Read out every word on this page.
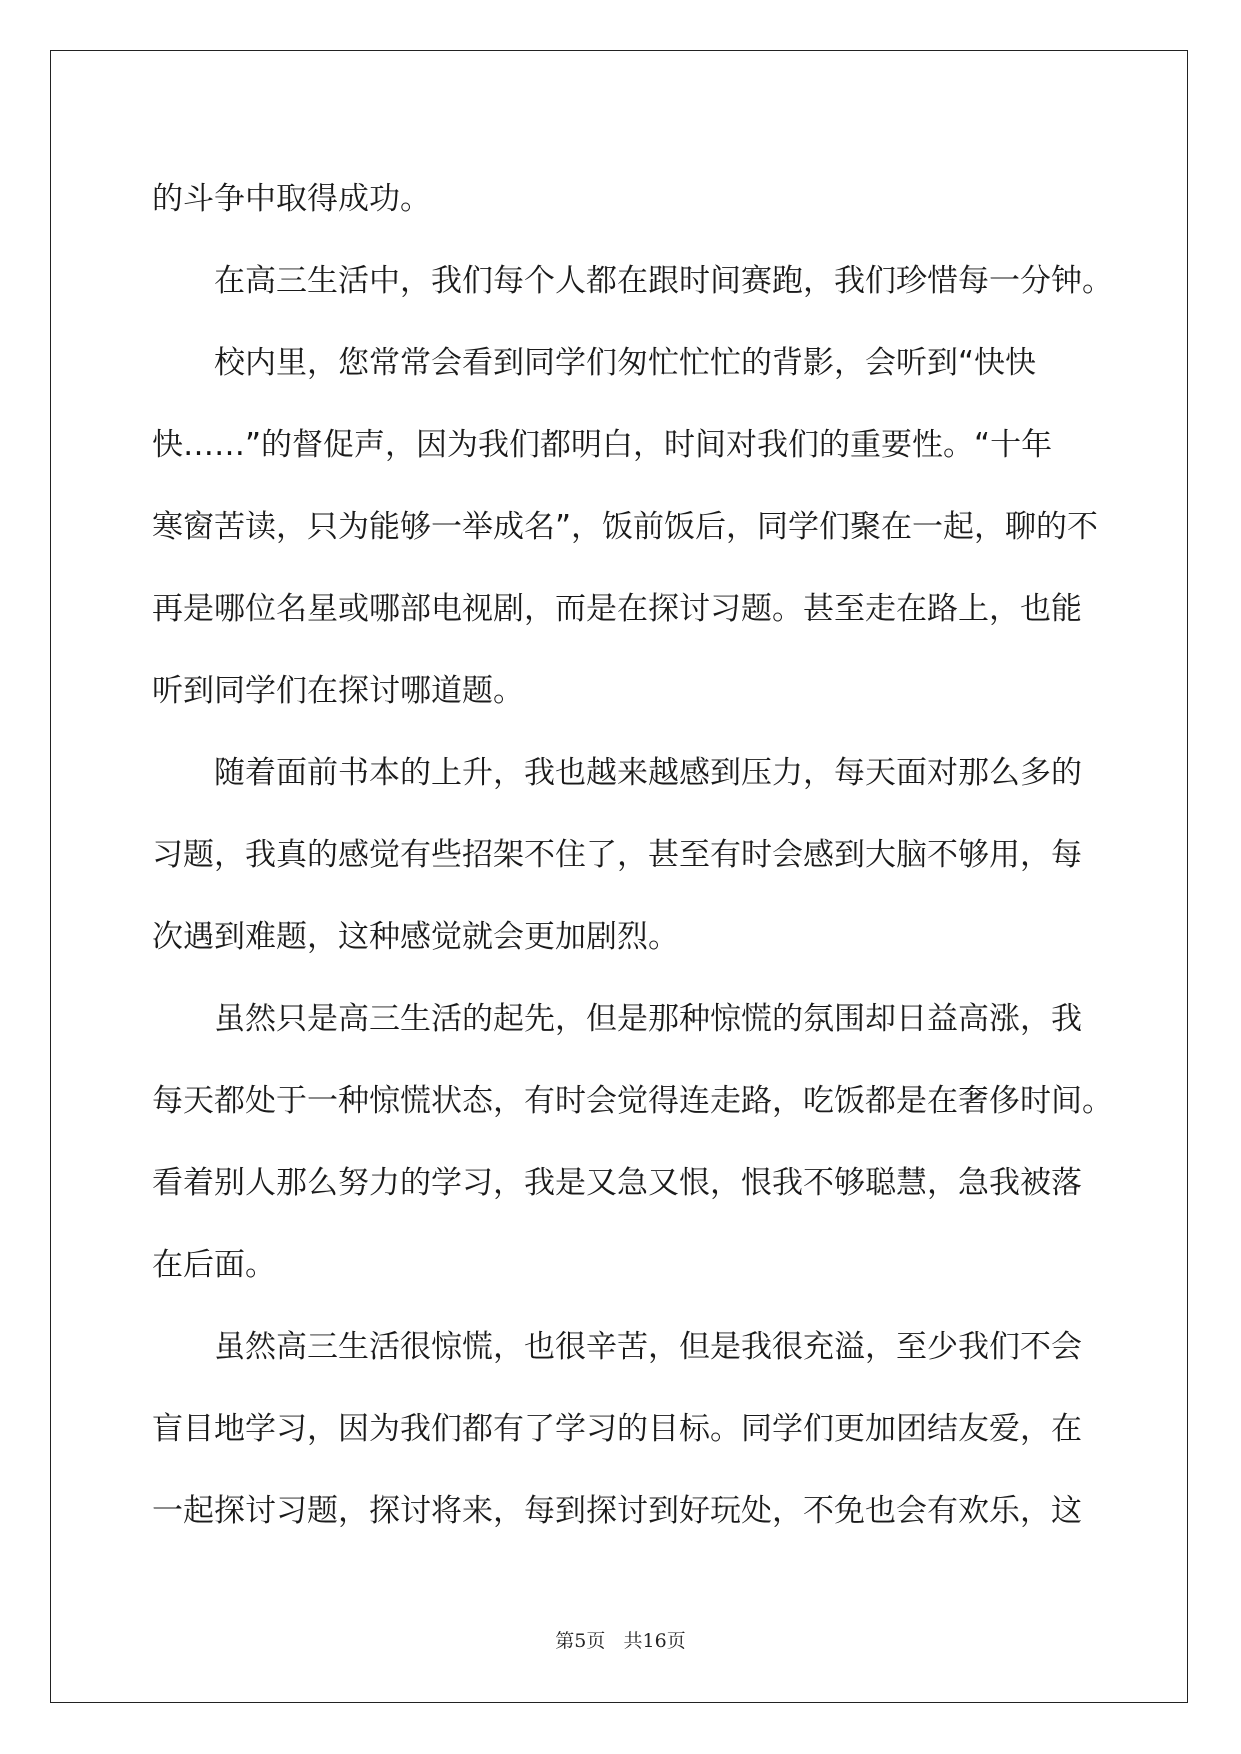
的斗争中取得成功。
在高三生活中，我们每个人都在跟时间赛跑，我们珍惜每一分钟。
校内里，您常常会看到同学们匆忙忙忙的背影，会听到“快快
快……”的督促声，因为我们都明白，时间对我们的重要性。“十年
寒窗苦读，只为能够一举成名”，饭前饭后，同学们聚在一起，聊的不
再是哪位名星或哪部电视剧，而是在探讨习题。甚至走在路上，也能
听到同学们在探讨哪道题。
随着面前书本的上升，我也越来越感到压力，每天面对那么多的
习题，我真的感觉有些招架不住了，甚至有时会感到大脑不够用，每
次遇到难题，这种感觉就会更加剧烈。
虽然只是高三生活的起先，但是那种惊慌的氛围却日益高涨，我
每天都处于一种惊慌状态，有时会觉得连走路，吃饭都是在奢侈时间。
看着别人那么努力的学习，我是又急又恨，恨我不够聪慧，急我被落
在后面。
虽然高三生活很惊慌，也很辛苦，但是我很充溢，至少我们不会
盲目地学习，因为我们都有了学习的目标。同学们更加团结友爱，在
一起探讨习题，探讨将来，每到探讨到好玩处，不免也会有欢乐，这
第5页 共16页
